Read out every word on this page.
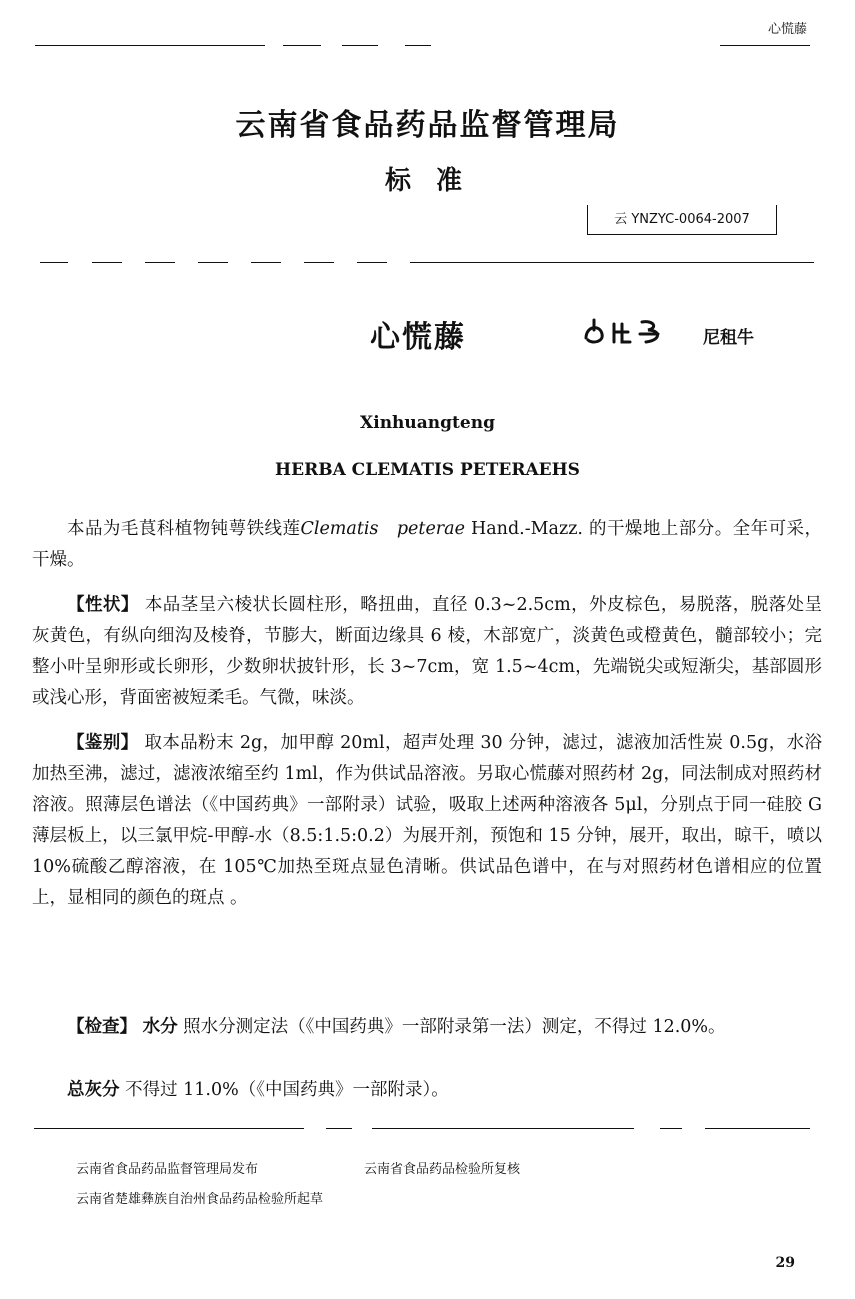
心慌藤
云南省食品药品监督管理局
标 准
云 YNZYC-0064-2007
心慌藤	尼租牛
Xinhuangteng
HERBA CLEMATIS PETERAEHS

本品为毛茛科植物钝萼铁线莲Clematis　peterae Hand.-Mazz. 的干燥地上部分。全年可采，干燥。

【性状】 本品茎呈六棱状长圆柱形，略扭曲，直径 0.3~2.5cm，外皮棕色，易脱落，脱落处呈灰黄色，有纵向细沟及棱脊，节膨大，断面边缘具 6 棱，木部宽广，淡黄色或橙黄色，髓部较小；完整小叶呈卵形或长卵形，少数卵状披针形，长 3~7cm，宽 1.5~4cm，先端锐尖或短渐尖，基部圆形或浅心形，背面密被短柔毛。气微，味淡。

【鉴别】 取本品粉末 2g，加甲醇 20ml，超声处理 30 分钟，滤过，滤液加活性炭 0.5g，水浴加热至沸，滤过，滤液浓缩至约 1ml，作为供试品溶液。另取心慌藤对照药材 2g，同法制成对照药材溶液。照薄层色谱法（《中国药典》一部附录）试验，吸取上述两种溶液各 5μl，分别点于同一硅胶 G 薄层板上，以三氯甲烷-甲醇-水（8.5:1.5:0.2）为展开剂，预饱和 15 分钟，展开，取出，晾干，喷以 10%硫酸乙醇溶液，在 105℃加热至斑点显色清晰。供试品色谱中，在与对照药材色谱相应的位置上，显相同的颜色的斑点 。

【检查】 水分 照水分测定法（《中国药典》一部附录第一法）测定，不得过 12.0%。

总灰分 不得过 11.0%（《中国药典》一部附录）。

云南省食品药品监督管理局发布	云南省食品药品检验所复核
云南省楚雄彝族自治州食品药品检验所起草
29
